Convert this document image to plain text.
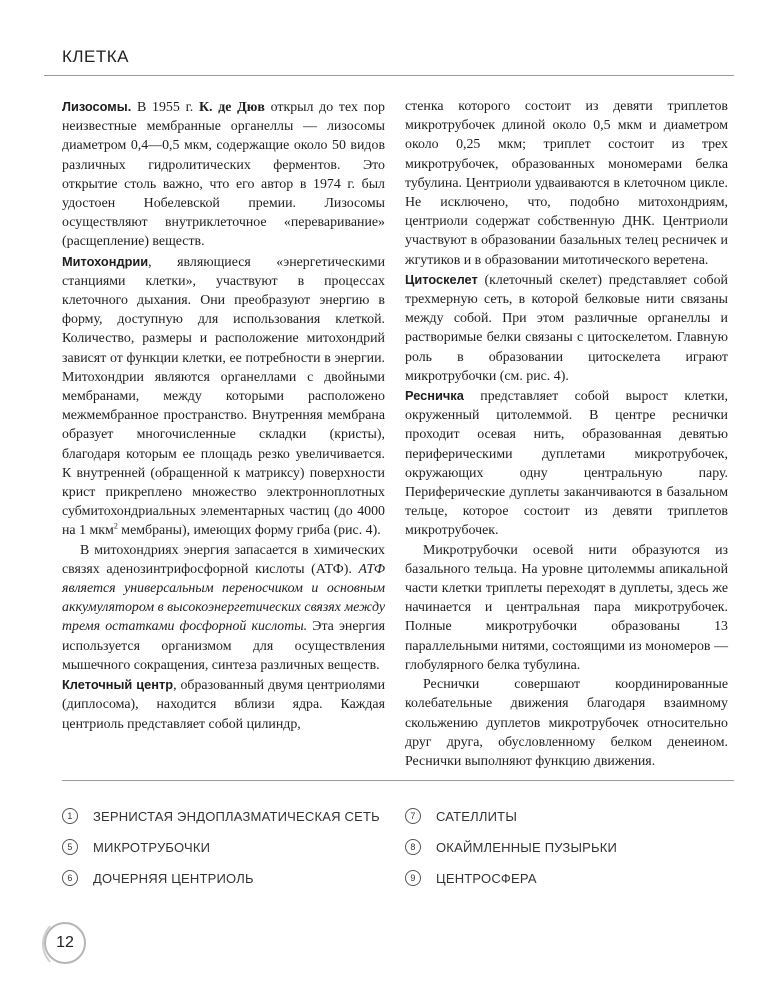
КЛЕТКА

Лизосомы. В 1955 г. К. де Дюв открыл до тех пор неизвестные мембранные органеллы — лизосомы диаметром 0,4—0,5 мкм, содержащие около 50 видов различных гидролитических ферментов. Это открытие столь важно, что его автор в 1974 г. был удостоен Нобелевской премии. Лизосомы осуществляют внутриклеточное «переваривание» (расщепление) веществ.

Митохондрии, являющиеся «энергетическими станциями клетки», участвуют в процессах клеточного дыхания. Они преобразуют энергию в форму, доступную для использования клеткой. Количество, размеры и расположение митохондрий зависят от функции клетки, ее потребности в энергии. Митохондрии являются органеллами с двойными мембранами, между которыми расположено межмембранное пространство. Внутренняя мембрана образует многочисленные складки (кристы), благодаря которым ее площадь резко увеличивается. К внутренней (обращенной к матриксу) поверхности крист прикреплено множество электронноплотных субмитохондриальных элементарных частиц (до 4000 на 1 мкм$^2$ мембраны), имеющих форму гриба (рис. 4).

В митохондриях энергия запасается в химических связях аденозинтрифосфорной кислоты (АТФ). АТФ является универсальным переносчиком и основным аккумулятором в высокоэнергетических связях между тремя остатками фосфорной кислоты. Эта энергия используется организмом для осуществления мышечного сокращения, синтеза различных веществ.

Клеточный центр, образованный двумя центриолями (диплосома), находится вблизи ядра. Каждая центриоль представляет собой цилиндр,

стенка которого состоит из девяти триплетов микротрубочек длиной около 0,5 мкм и диаметром около 0,25 мкм; триплет состоит из трех микротрубочек, образованных мономерами белка тубулина. Центриоли удваиваются в клеточном цикле. Не исключено, что, подобно митохондриям, центриоли содержат собственную ДНК. Центриоли участвуют в образовании базальных телец ресничек и жгутиков и в образовании митотического веретена.

Цитоскелет (клеточный скелет) представляет собой трехмерную сеть, в которой белковые нити связаны между собой. При этом различные органеллы и растворимые белки связаны с цитоскелетом. Главную роль в образовании цитоскелета играют микротрубочки (см. рис. 4).

Ресничка представляет собой вырост клетки, окруженный цитолеммой. В центре реснички проходит осевая нить, образованная девятью периферическими дуплетами микротрубочек, окружающих одну центральную пару. Периферические дуплеты заканчиваются в базальном тельце, которое состоит из девяти триплетов микротрубочек.

Микротрубочки осевой нити образуются из базального тельца. На уровне цитолеммы апикальной части клетки триплеты переходят в дуплеты, здесь же начинается и центральная пара микротрубочек. Полные микротрубочки образованы 13 параллельными нитями, состоящими из мономеров — глобулярного белка тубулина.

Реснички совершают координированные колебательные движения благодаря взаимному скольжению дуплетов микротрубочек относительно друг друга, обусловленному белком денеином. Реснички выполняют функцию движения.

1	ЗЕРНИСТАЯ ЭНДОПЛАЗМАТИЧЕСКАЯ СЕТЬ
5	МИКРОТРУБОЧКИ
6	ДОЧЕРНЯЯ ЦЕНТРИОЛЬ
7	САТЕЛЛИТЫ
8	ОКАЙМЛЕННЫЕ ПУЗЫРЬКИ
9	ЦЕНТРОСФЕРА
12
